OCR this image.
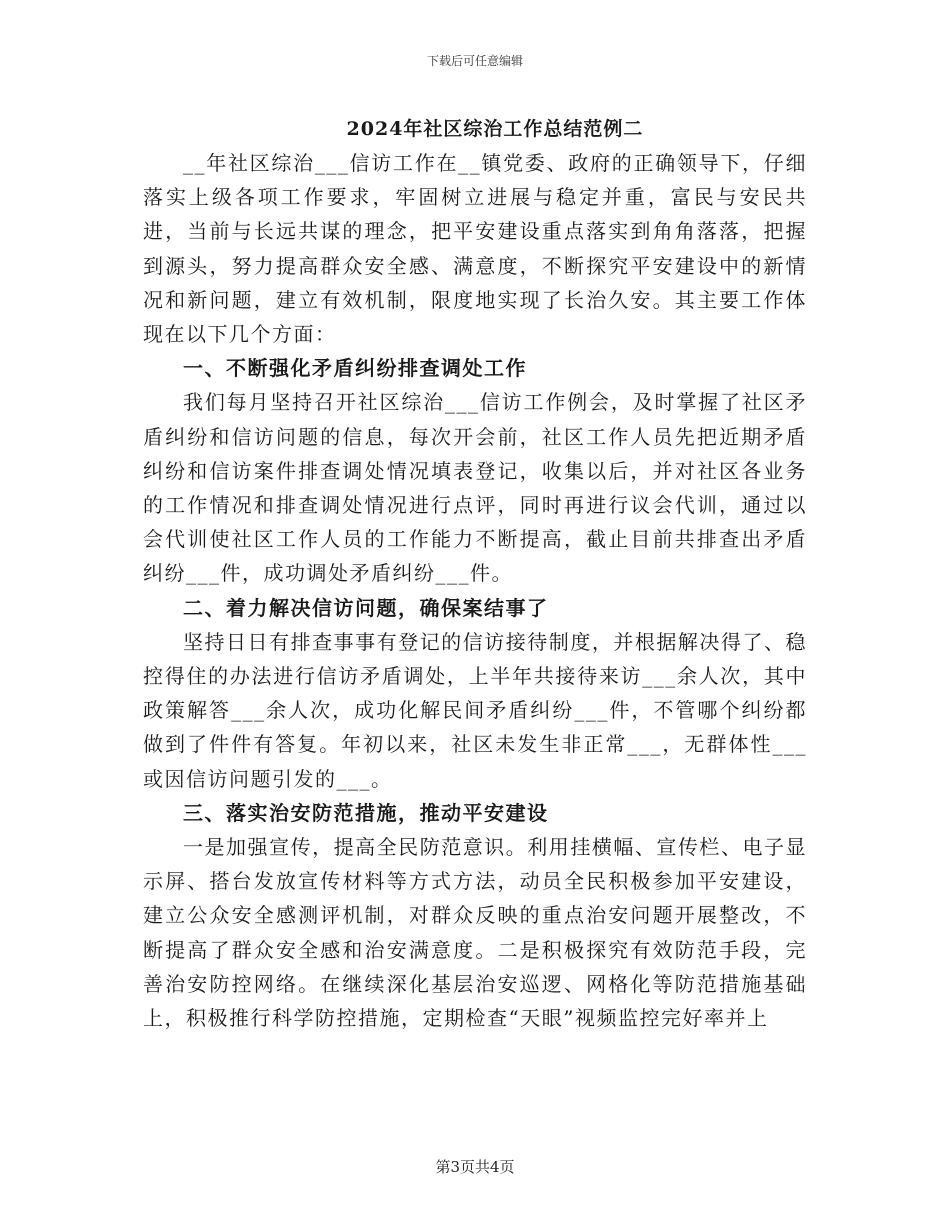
下载后可任意编辑
2024年社区综治工作总结范例二

__年社区综治___信访工作在__镇党委、政府的正确领导下，仔细落实上级各项工作要求，牢固树立进展与稳定并重，富民与安民共进，当前与长远共谋的理念，把平安建设重点落实到角角落落，把握到源头，努力提高群众安全感、满意度，不断探究平安建设中的新情况和新问题，建立有效机制，限度地实现了长治久安。其主要工作体现在以下几个方面：

一、不断强化矛盾纠纷排查调处工作

我们每月坚持召开社区综治___信访工作例会，及时掌握了社区矛盾纠纷和信访问题的信息，每次开会前，社区工作人员先把近期矛盾纠纷和信访案件排查调处情况填表登记，收集以后，并对社区各业务的工作情况和排查调处情况进行点评，同时再进行议会代训，通过以会代训使社区工作人员的工作能力不断提高，截止目前共排查出矛盾纠纷___件，成功调处矛盾纠纷___件。

二、着力解决信访问题，确保案结事了

坚持日日有排查事事有登记的信访接待制度，并根据解决得了、稳控得住的办法进行信访矛盾调处，上半年共接待来访___余人次，其中政策解答___余人次，成功化解民间矛盾纠纷___件，不管哪个纠纷都做到了件件有答复。年初以来，社区未发生非正常___，无群体性___或因信访问题引发的___。

三、落实治安防范措施，推动平安建设

一是加强宣传，提高全民防范意识。利用挂横幅、宣传栏、电子显示屏、搭台发放宣传材料等方式方法，动员全民积极参加平安建设，建立公众安全感测评机制，对群众反映的重点治安问题开展整改，不断提高了群众安全感和治安满意度。二是积极探究有效防范手段，完善治安防控网络。在继续深化基层治安巡逻、网格化等防范措施基础上，积极推行科学防控措施，定期检查“天眼”视频监控完好率并上

第3页共4页
